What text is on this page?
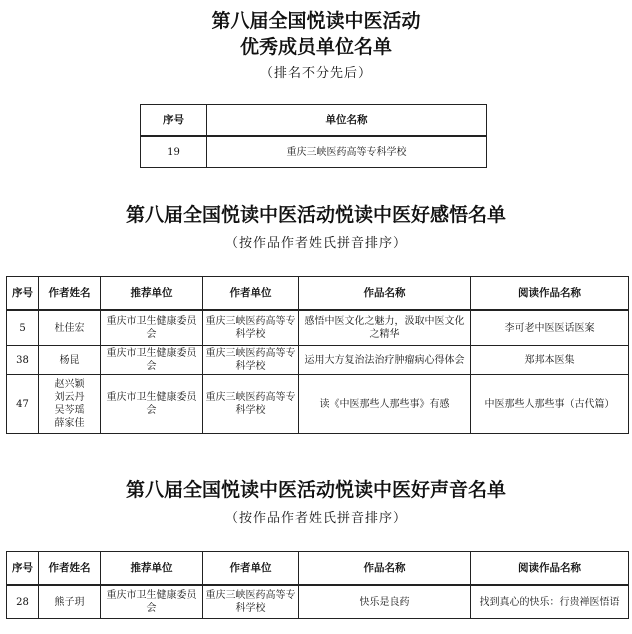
第八届全国悦读中医活动
优秀成员单位名单
（排名不分先后）
序号	单位名称
19	重庆三峡医药高等专科学校
第八届全国悦读中医活动悦读中医好感悟名单
（按作品作者姓氏拼音排序）
序号	作者姓名	推荐单位	作者单位	作品名称	阅读作品名称
5	杜佳宏	重庆市卫生健康委员会	重庆三峡医药高等专科学校	感悟中医文化之魅力，汲取中医文化之精华	李可老中医医话医案
38	杨昆	重庆市卫生健康委员会	重庆三峡医药高等专科学校	运用大方复治法治疗肿瘤病心得体会	郑邦本医集
47	赵兴颖
刘云丹
吴芩瑶
薛家佳	重庆市卫生健康委员会	重庆三峡医药高等专科学校	读《中医那些人那些事》有感	中医那些人那些事（古代篇）
第八届全国悦读中医活动悦读中医好声音名单
（按作品作者姓氏拼音排序）
序号	作者姓名	推荐单位	作者单位	作品名称	阅读作品名称
28	熊子玥	重庆市卫生健康委员会	重庆三峡医药高等专科学校	快乐是良药	找到真心的快乐：行贵禅医悟语
